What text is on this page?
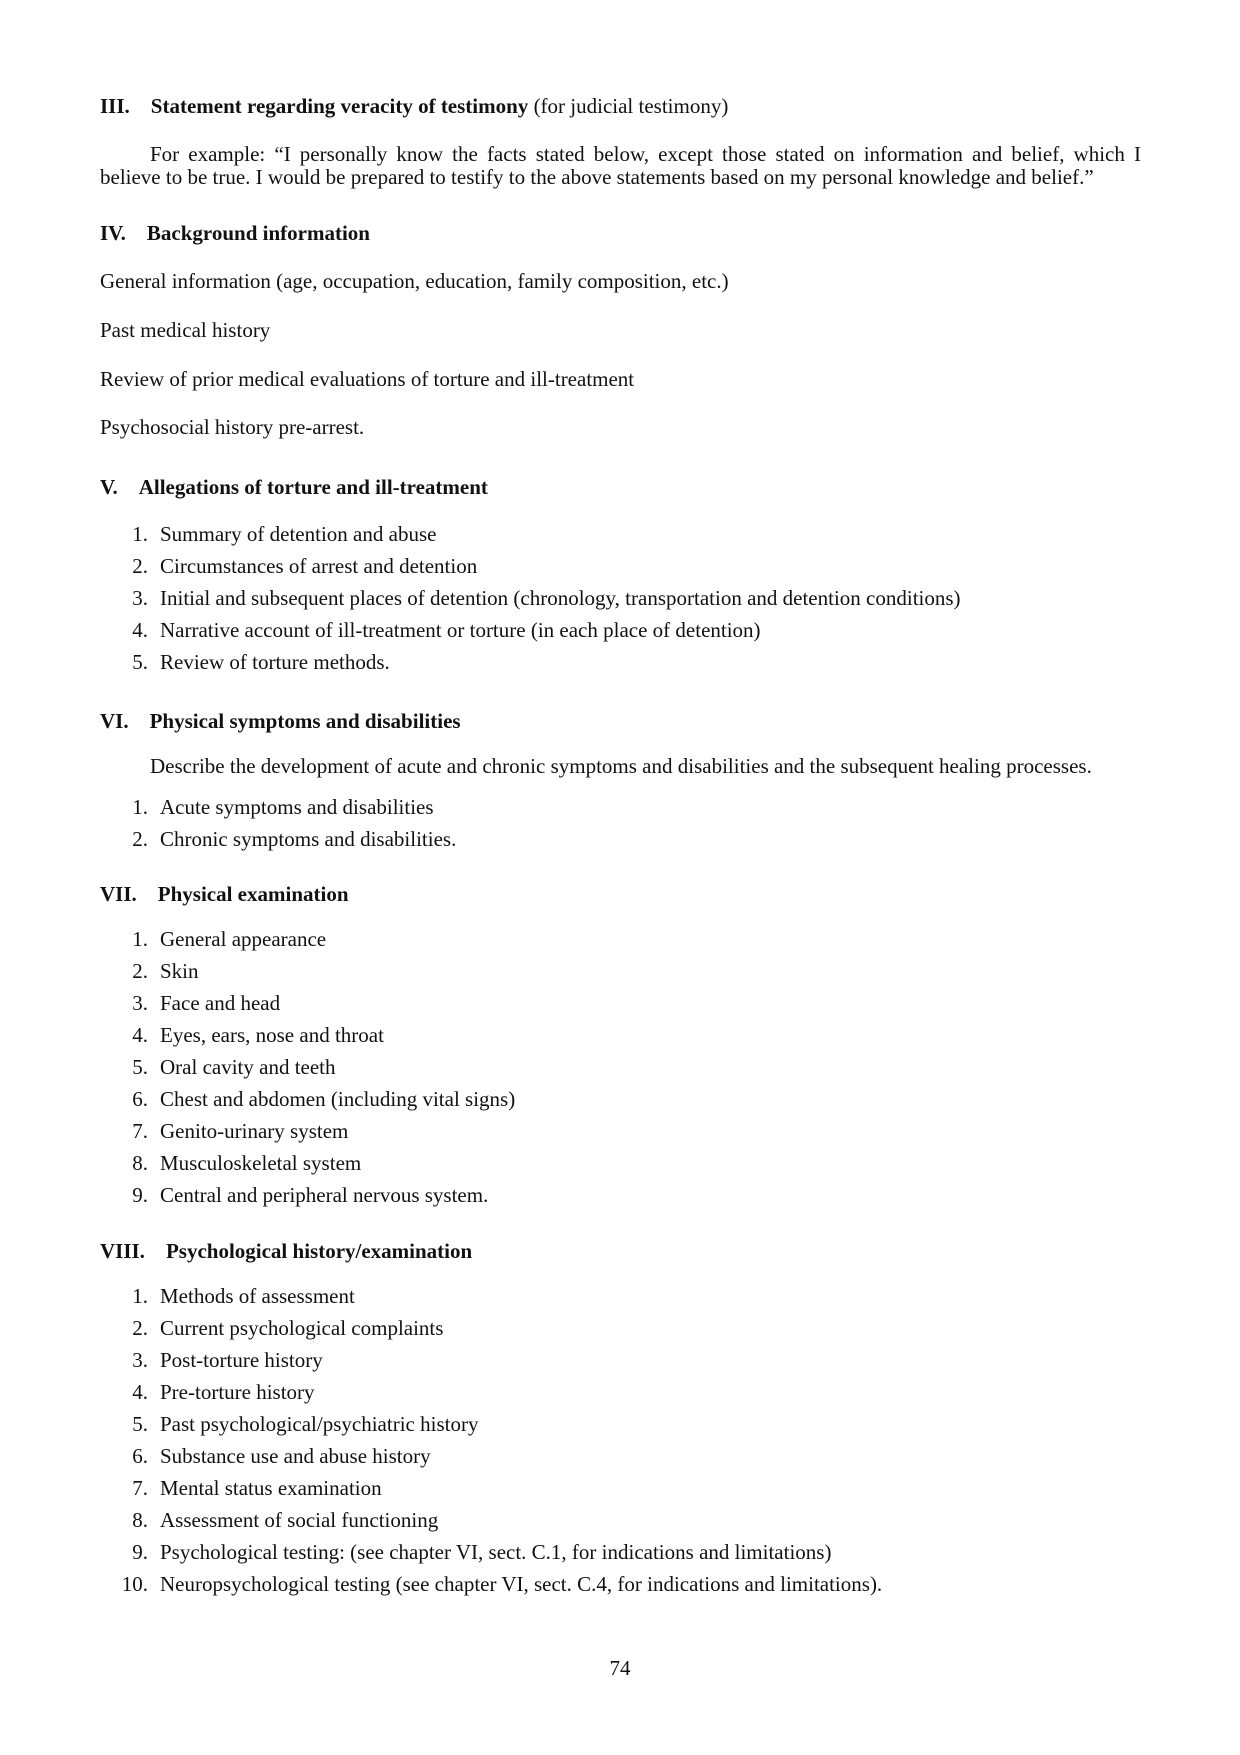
III. Statement regarding veracity of testimony (for judicial testimony)

For example: “I personally know the facts stated below, except those stated on information and belief, which I believe to be true. I would be prepared to testify to the above statements based on my personal knowledge and belief.”

IV. Background information

General information (age, occupation, education, family composition, etc.)

Past medical history

Review of prior medical evaluations of torture and ill-treatment

Psychosocial history pre-arrest.

V. Allegations of torture and ill-treatment
1. Summary of detention and abuse
2. Circumstances of arrest and detention
3. Initial and subsequent places of detention (chronology, transportation and detention conditions)
4. Narrative account of ill-treatment or torture (in each place of detention)
5. Review of torture methods.
VI. Physical symptoms and disabilities

Describe the development of acute and chronic symptoms and disabilities and the subsequent healing processes.

1. Acute symptoms and disabilities
2. Chronic symptoms and disabilities.
VII. Physical examination
1. General appearance
2. Skin
3. Face and head
4. Eyes, ears, nose and throat
5. Oral cavity and teeth
6. Chest and abdomen (including vital signs)
7. Genito-urinary system
8. Musculoskeletal system
9. Central and peripheral nervous system.
VIII. Psychological history/examination
1. Methods of assessment
2. Current psychological complaints
3. Post-torture history
4. Pre-torture history
5. Past psychological/psychiatric history
6. Substance use and abuse history
7. Mental status examination
8. Assessment of social functioning
9. Psychological testing: (see chapter VI, sect. C.1, for indications and limitations)
10. Neuropsychological testing (see chapter VI, sect. C.4, for indications and limitations).
74
